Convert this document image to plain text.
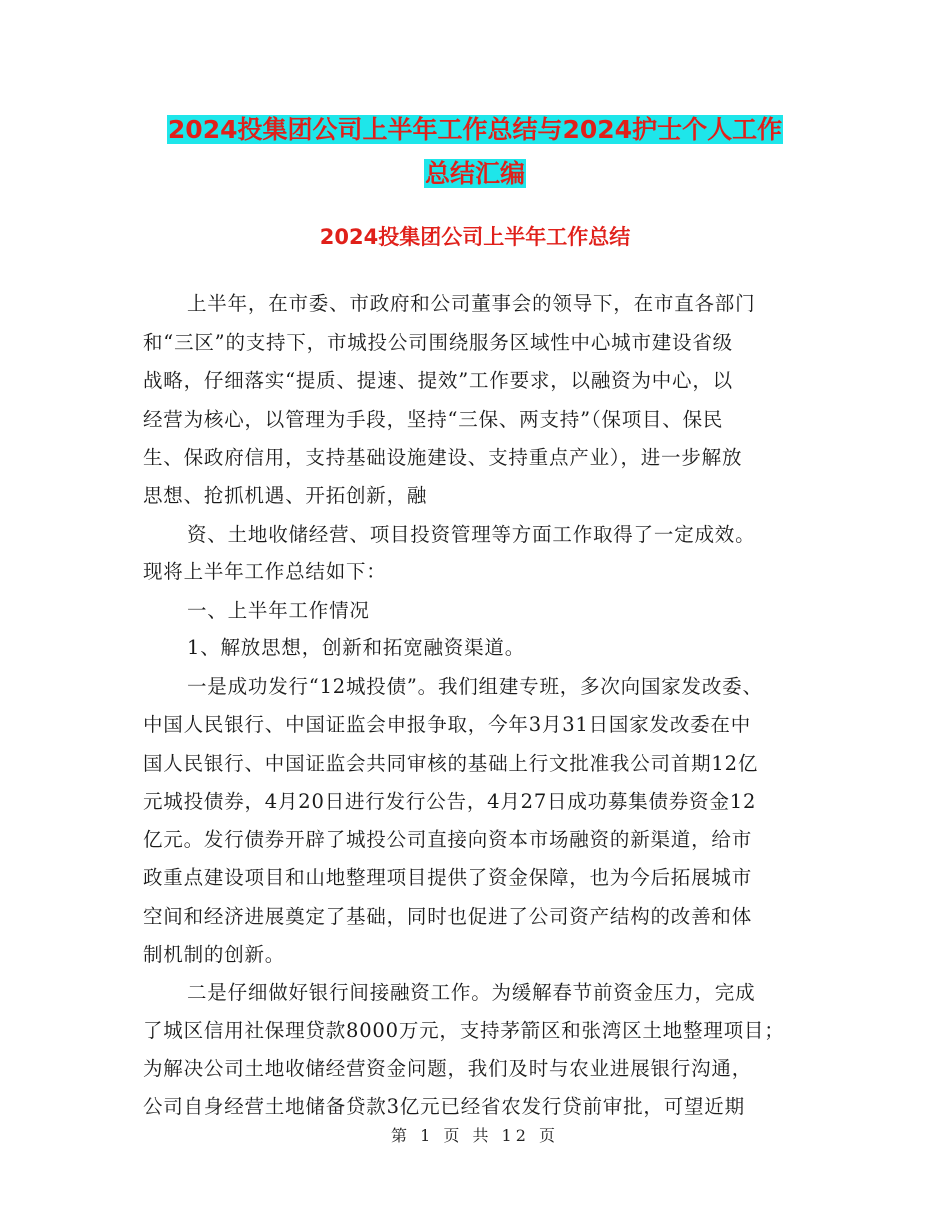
2024投集团公司上半年工作总结与2024护士个人工作
总结汇编
2024投集团公司上半年工作总结
上半年，在市委、市政府和公司董事会的领导下，在市直各部门
和“三区”的支持下，市城投公司围绕服务区域性中心城市建设省级
战略，仔细落实“提质、提速、提效”工作要求，以融资为中心，以
经营为核心，以管理为手段，坚持“三保、两支持”（保项目、保民
生、保政府信用，支持基础设施建设、支持重点产业），进一步解放
思想、抢抓机遇、开拓创新，融
资、土地收储经营、项目投资管理等方面工作取得了一定成效。
现将上半年工作总结如下：
一、上半年工作情况
1、解放思想，创新和拓宽融资渠道。
一是成功发行“12城投债”。我们组建专班，多次向国家发改委、
中国人民银行、中国证监会申报争取，今年3月31日国家发改委在中
国人民银行、中国证监会共同审核的基础上行文批准我公司首期12亿
元城投债券，4月20日进行发行公告，4月27日成功募集债券资金12
亿元。发行债券开辟了城投公司直接向资本市场融资的新渠道，给市
政重点建设项目和山地整理项目提供了资金保障，也为今后拓展城市
空间和经济进展奠定了基础，同时也促进了公司资产结构的改善和体
制机制的创新。
二是仔细做好银行间接融资工作。为缓解春节前资金压力，完成
了城区信用社保理贷款8000万元，支持茅箭区和张湾区土地整理项目；
为解决公司土地收储经营资金问题，我们及时与农业进展银行沟通，
公司自身经营土地储备贷款3亿元已经省农发行贷前审批，可望近期
第 1 页 共 12 页
